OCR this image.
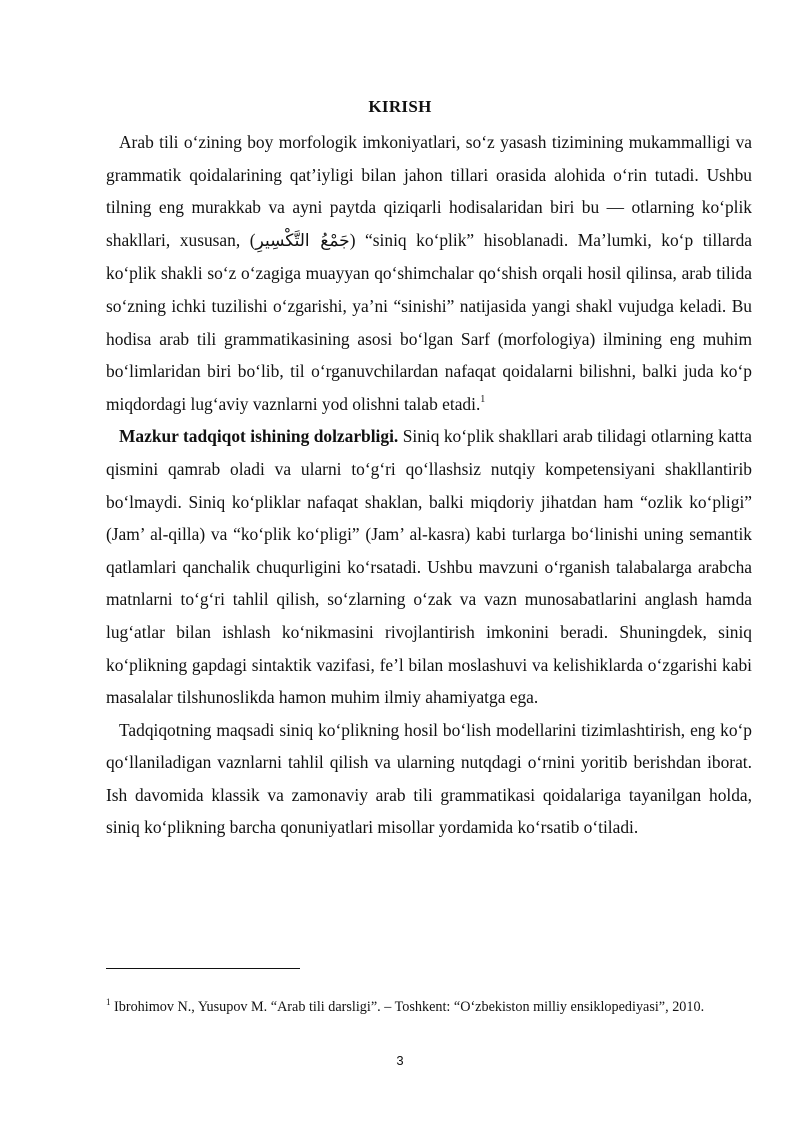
KIRISH

Arab tili o‘zining boy morfologik imkoniyatlari, so‘z yasash tizimining mukammalligi va grammatik qoidalarining qat’iyligi bilan jahon tillari orasida alohida o‘rin tutadi. Ushbu tilning eng murakkab va ayni paytda qiziqarli hodisalaridan biri bu — otlarning ko‘plik shakllari, xususan, (جَمْعُ التَّكْسِيرِ) “siniq ko‘plik” hisoblanadi. Ma’lumki, ko‘p tillarda ko‘plik shakli so‘z o‘zagiga muayyan qo‘shimchalar qo‘shish orqali hosil qilinsa, arab tilida so‘zning ichki tuzilishi o‘zgarishi, ya’ni “sinishi” natijasida yangi shakl vujudga keladi. Bu hodisa arab tili grammatikasining asosi bo‘lgan Sarf (morfologiya) ilmining eng muhim bo‘limlaridan biri bo‘lib, til o‘rganuvchilardan nafaqat qoidalarni bilishni, balki juda ko‘p miqdordagi lug‘aviy vaznlarni yod olishni talab etadi.$^1$

Mazkur tadqiqot ishining dolzarbligi. Siniq ko‘plik shakllari arab tilidagi otlarning katta qismini qamrab oladi va ularni to‘g‘ri qo‘llashsiz nutqiy kompetensiyani shakllantirib bo‘lmaydi. Siniq ko‘pliklar nafaqat shaklan, balki miqdoriy jihatdan ham “ozlik ko‘pligi” (Jam’ al-qilla) va “ko‘plik ko‘pligi” (Jam’ al-kasra) kabi turlarga bo‘linishi uning semantik qatlamlari qanchalik chuqurligini ko‘rsatadi. Ushbu mavzuni o‘rganish talabalarga arabcha matnlarni to‘g‘ri tahlil qilish, so‘zlarning o‘zak va vazn munosabatlarini anglash hamda lug‘atlar bilan ishlash ko‘nikmasini rivojlantirish imkonini beradi. Shuningdek, siniq ko‘plikning gapdagi sintaktik vazifasi, fe’l bilan moslashuvi va kelishiklarda o‘zgarishi kabi masalalar tilshunoslikda hamon muhim ilmiy ahamiyatga ega.

Tadqiqotning maqsadi siniq ko‘plikning hosil bo‘lish modellarini tizimlashtirish, eng ko‘p qo‘llaniladigan vaznlarni tahlil qilish va ularning nutqdagi o‘rnini yoritib berishdan iborat. Ish davomida klassik va zamonaviy arab tili grammatikasi qoidalariga tayanilgan holda, siniq ko‘plikning barcha qonuniyatlari misollar yordamida ko‘rsatib o‘tiladi.

$^1$ Ibrohimov N., Yusupov M. “Arab tili darsligi”. – Toshkent: “O‘zbekiston milliy ensiklopediyasi”, 2010.
3
